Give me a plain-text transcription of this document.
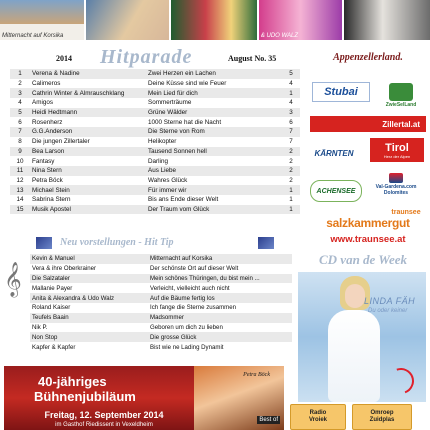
Mitternacht auf Korsika	& UDO WALZ
2014 Hitparade	August No. 35
1	Verena & Nadine	Zwei Herzen ein Lachen	5
2	Calimeros	Deine Küsse sind wie Feuer	4
3	Cathrin Winter & Almrauschklang	Mein Lied für dich	1
4	Amigos	Sommerträume	4
5	Heidi Hedtmann	Grüne Wälder	3
6	Rosenherz	1000 Sterne hat die Nacht	6
7	G.G.Anderson	Die Sterne von Rom	7
8	Die jungen Zillertaler	Helikopter	7
9	Bea Larson	Tausend Sonnen hell	2
10	Fantasy	Darling	2
11	Nina Stern	Aus Liebe	2
12	Petra Böck	Wahres Glück	2
13	Michael Stein	Für immer wir	1
14	Sabrina Stern	Bis ans Ende dieser Welt	1
15	Musik Apostel	Der Traum vom Glück	1
Neu vorstellungen - Hit Tip
𝄞
Kevin & Manuel	Mitternacht auf Korsika
Vera & ihre Oberkrainer	Der schönste Ort auf dieser Welt
Die Salzataler	Mein schönes Thüringen, du bist mein ...
Mallanie Payer	Verleicht, vielleicht auch nicht
Anita & Alexandra & Udo Walz	Auf die Bäume fertig los
Roland Kaiser	Ich fange die Sterne zusammen
Teufels Baain	Madsommer
Nik P.	Geboren um dich zu lieben
Non Stop	Die grosse Glück
Kapfer & Kapfer	Bist wie ne Lading Dynamit
Appenzellerland.
Stubai
ZwieSelLand
Zillertal.at
KÄRNTEN	Tirol
Herz der Alpen
ACHENSEE
Val-Gardena.com
Dolomites
traunsee
salzkammergut
www.traunsee.at
CD van de Week
LINDA FÄH
Du oder keiner
Petra Böck
Best of
40-jähriges
Bühnenjubiläum
Freitag, 12. September 2014
im Gasthof Riedissent in Vexeldheim
Radio
Vroiek
Omroep
Zuidplas
